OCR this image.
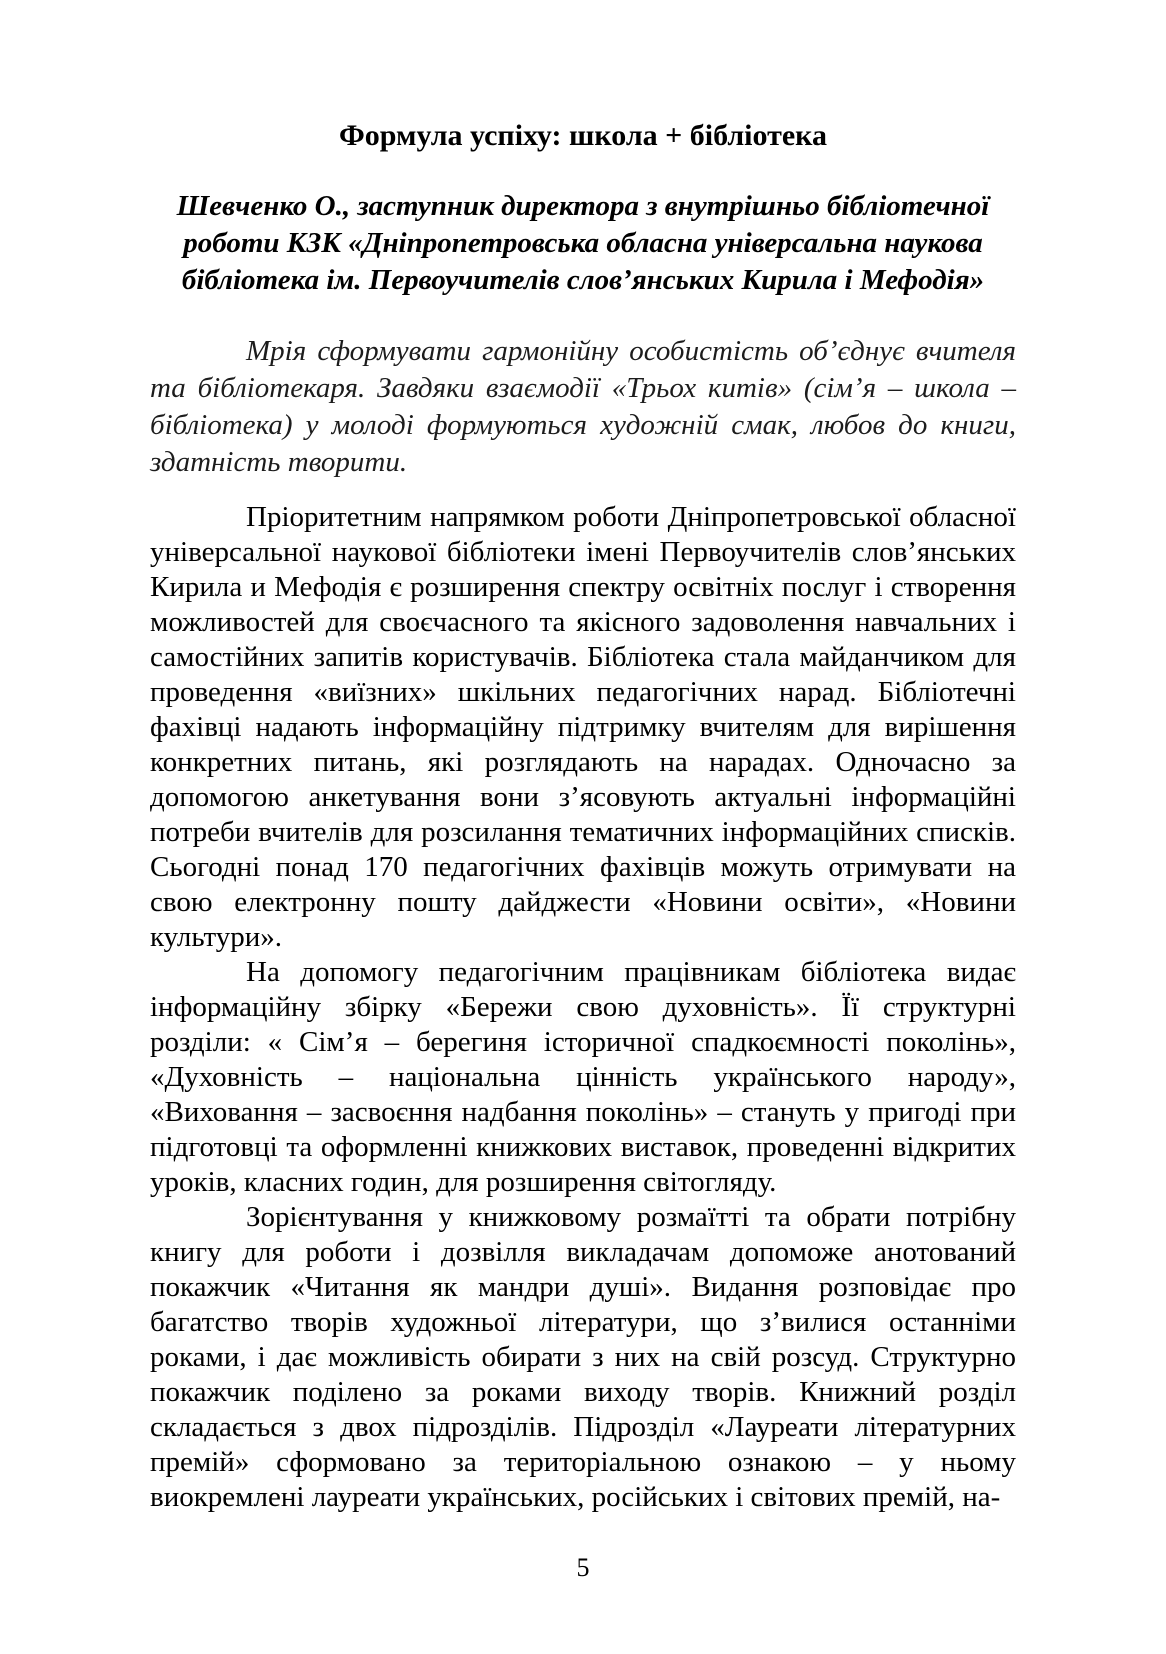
Формула успіху: школа + бібліотека

Шевченко О., заступник директора з внутрішньо бібліотечної роботи КЗК «Дніпропетровська обласна універсальна наукова бібліотека ім. Первоучителів слов’янських Кирила і Мефодія»

Мрія сформувати гармонійну особистість об’єднує вчителя та бібліотекаря. Завдяки взаємодії «Трьох китів» (сім’я – школа – бібліотека) у молоді формуються художній смак, любов до книги, здатність творити.

Пріоритетним напрямком роботи Дніпропетровської обласної універсальної наукової бібліотеки імені Первоучителів слов’янських Кирила и Мефодія є розширення спектру освітніх послуг і створення можливостей для своєчасного та якісного задоволення навчальних і самостійних запитів користувачів. Бібліотека стала майданчиком для проведення «виїзних» шкільних педагогічних нарад. Бібліотечні фахівці надають інформаційну підтримку вчителям для вирішення конкретних питань, які розглядають на нарадах. Одночасно за допомогою анкетування вони з’ясовують актуальні інформаційні потреби вчителів для розсилання тематичних інформаційних списків. Сьогодні понад 170 педагогічних фахівців можуть отримувати на свою електронну пошту дайджести «Новини освіти», «Новини культури».

На допомогу педагогічним працівникам бібліотека видає інформаційну збірку «Бережи свою духовність». Її структурні розділи: « Сім’я – берегиня історичної спадкоємності поколінь», «Духовність – національна цінність українського народу», «Виховання – засвоєння надбання поколінь» – стануть у пригоді при підготовці та оформленні книжкових виставок, проведенні відкритих уроків, класних годин, для розширення світогляду.

Зорієнтування у книжковому розмаїтті та обрати потрібну книгу для роботи і дозвілля викладачам допоможе анотований покажчик «Читання як мандри душі». Видання розповідає про багатство творів художньої літератури, що з’вилися останніми роками, і дає можливість обирати з них на свій розсуд. Структурно покажчик поділено за роками виходу творів. Книжний розділ складається з двох підрозділів. Підрозділ «Лауреати літературних премій» сформовано за територіальною ознакою – у ньому виокремлені лауреати українських, російських і світових премій, на-

5
